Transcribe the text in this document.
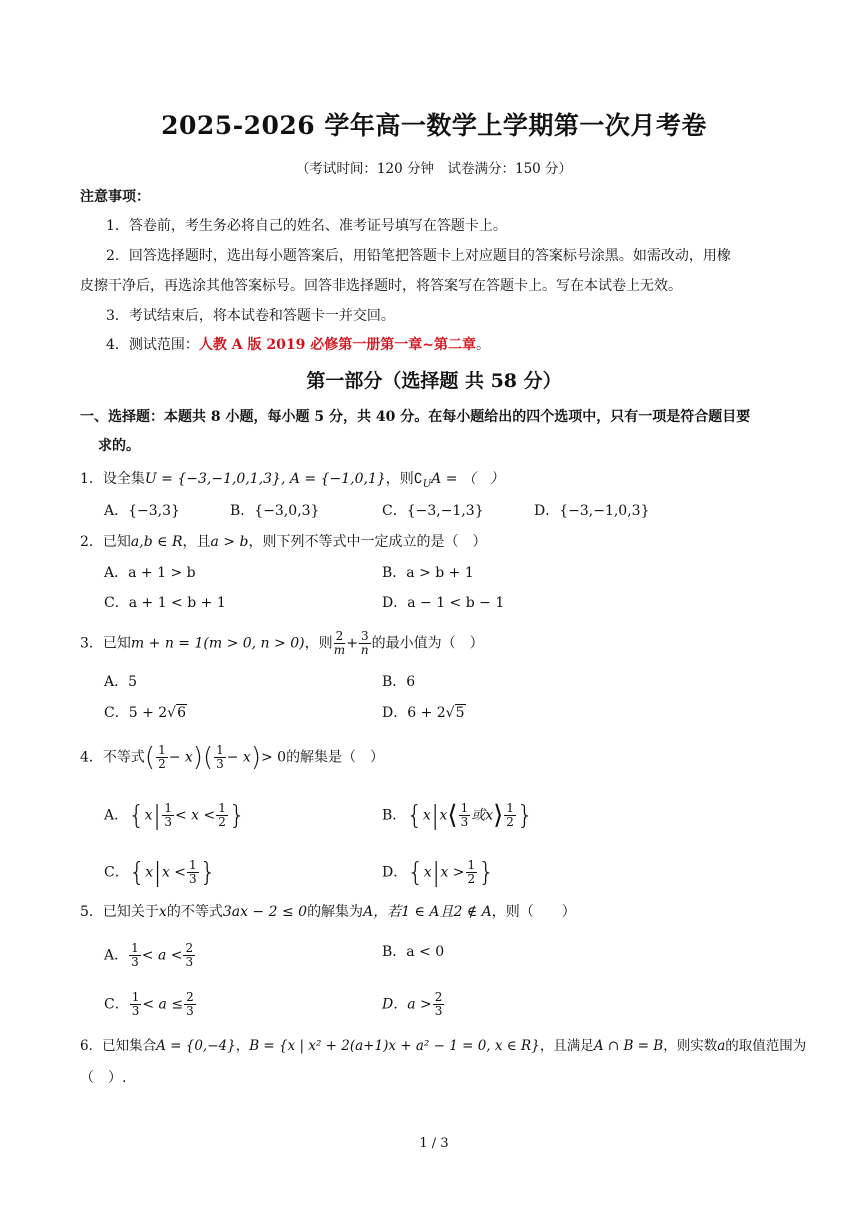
2025-2026 学年高一数学上学期第一次月考卷
（考试时间：120 分钟　试卷满分：150 分）
注意事项：
1．答卷前，考生务必将自己的姓名、准考证号填写在答题卡上。
2．回答选择题时，选出每小题答案后，用铅笔把答题卡上对应题目的答案标号涂黑。如需改动，用橡
皮擦干净后，再选涂其他答案标号。回答非选择题时，将答案写在答题卡上。写在本试卷上无效。
3．考试结束后，将本试卷和答题卡一并交回。
4．测试范围：人教 A 版 2019 必修第一册第一章~第二章。
第一部分（选择题 共 58 分）
一、选择题：本题共 8 小题，每小题 5 分，共 40 分。在每小题给出的四个选项中，只有一项是符合题目要
求的。
1．设全集U = {−3,−1,0,1,3}, A = {−1,0,1}，则$∁_UA$ = （　）
A．{−3,3}	B．{−3,0,3}	C．{−3,−1,3}	D．{−3,−1,0,3}
2．已知a,b ∈ R，且a > b，则下列不等式中一定成立的是（　）
A．a + 1 > b	B．a > b + 1
C．a + 1 < b + 1	D．a − 1 < b − 1
3．已知m + n = 1(m > 0, n > 0)，则 $\frac{2}{m} + \frac{3}{n}$ 的最小值为（　）
A．5	B．6
C．5 + 2√6	D．6 + 2√5
4．不等式( $\frac{1}{2} - x)( \frac{1}{3} - x)> 0$的解集是（　）
A．{$x| \frac{1}{3} < x < \frac{1}{2}$ }	B．{x|x⟨ $\frac{1}{3}$ 或x⟩ $\frac{1}{2}$ }
C．{$x|x < \frac{1}{3}$ }	D．{$x|x > \frac{1}{2}$ }
5．已知关于x的不等式3ax − 2 ≤ 0的解集为A，若1 ∈ A且2 ∉ A，则（　　）
A． $\frac{1}{3} < a < \frac{2}{3}$	B．a < 0
C． $\frac{1}{3} < a \le \frac{2}{3}$	D．$a > \frac{2}{3}$
6．已知集合A = {0,−4}，B = {x | x² + 2(a+1)x + a² − 1 = 0, x ∈ R}，且满足A ∩ B = B，则实数a的取值范围为
（　）.
1 / 3
